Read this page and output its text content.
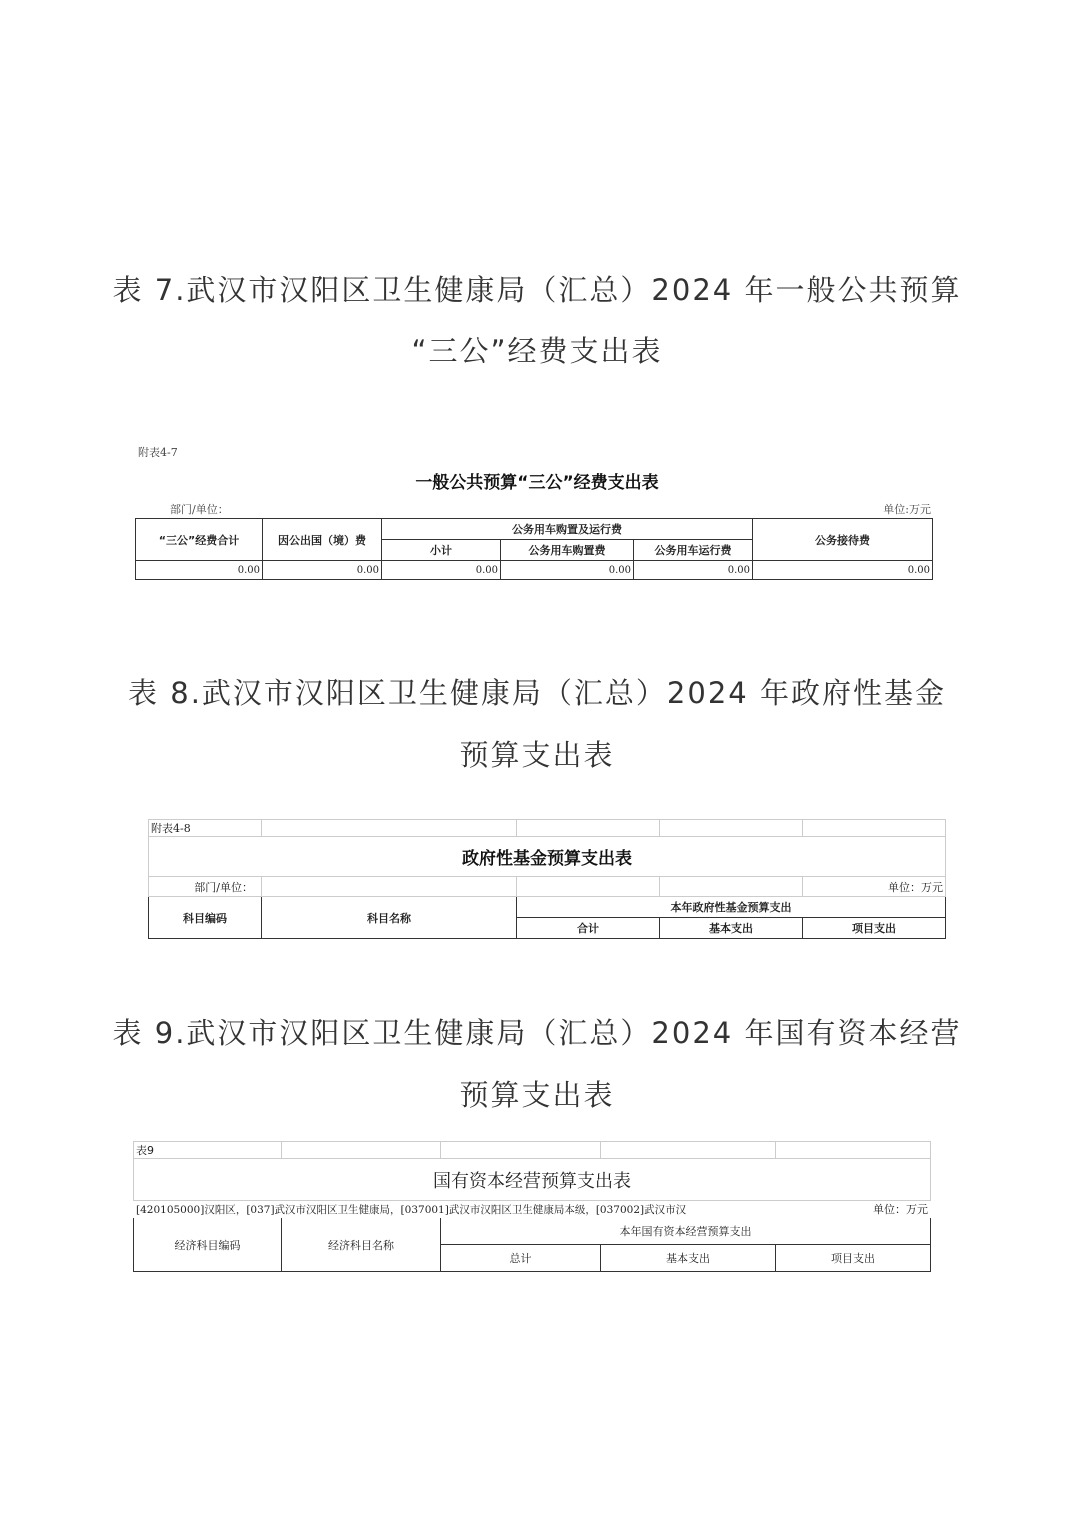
表 7.武汉市汉阳区卫生健康局（汇总）2024 年一般公共预算
“三公”经费支出表
附表4-7
一般公共预算“三公”经费支出表
部门/单位：	单位:万元
“三公”经费合计	因公出国（境）费	公务用车购置及运行费			公务接待费
		小计	公务用车购置费	公务用车运行费	
0.00	0.00	0.00	0.00	0.00	0.00
表 8.武汉市汉阳区卫生健康局（汇总）2024 年政府性基金
预算支出表
附表4-8				
政府性基金预算支出表				
部门/单位：				单位：万元
科目编码	科目名称	本年政府性基金预算支出		
		合计	基本支出	项目支出
表 9.武汉市汉阳区卫生健康局（汇总）2024 年国有资本经营
预算支出表
表9				
国有资本经营预算支出表				
[420105000]汉阳区，[037]武汉市汉阳区卫生健康局，[037001]武汉市汉阳区卫生健康局本级，[037002]武汉市汉				单位：万元
经济科目编码	经济科目名称	本年国有资本经营预算支出		
		总计	基本支出	项目支出
